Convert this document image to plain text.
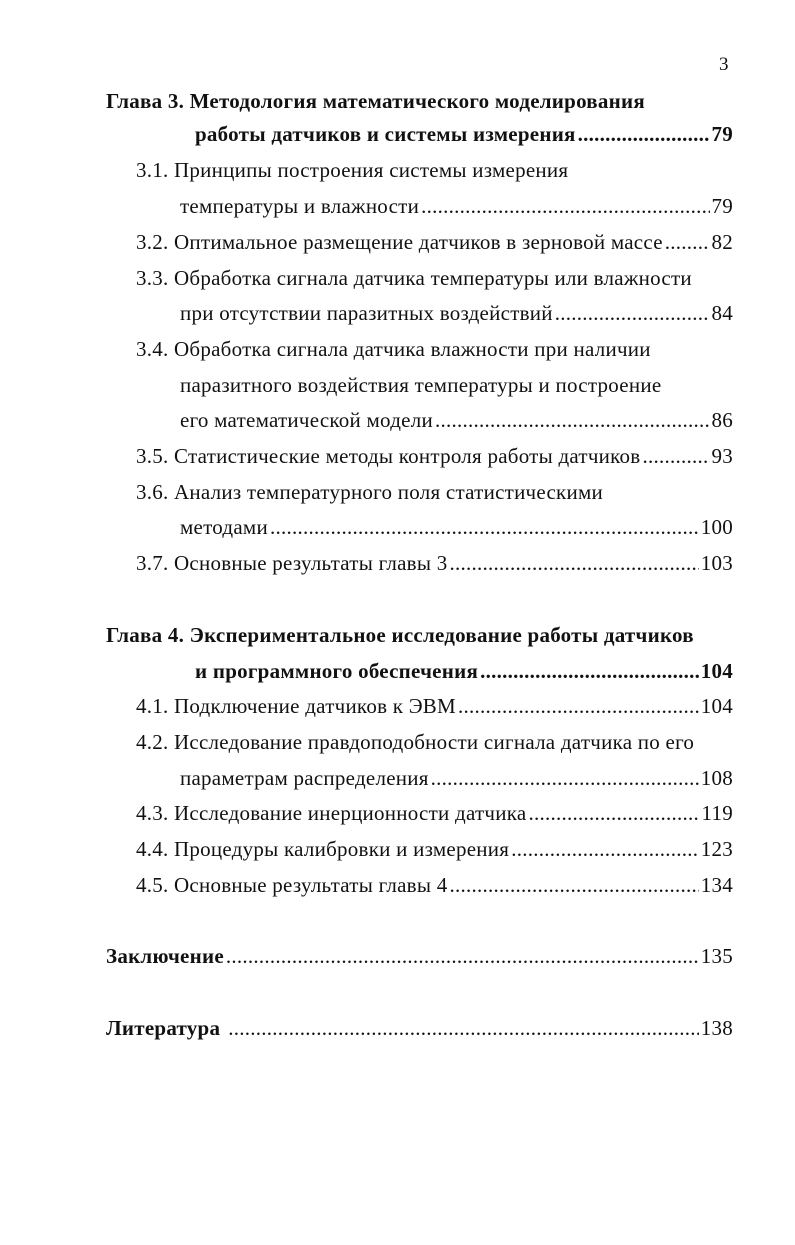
3
Глава 3. Методология математического моделирования
работы датчиков и системы измерения .....	79
3.1. Принципы построения системы измерения
температуры и влажности .....	79
3.2. Оптимальное размещение датчиков в зерновой массе ..... 82
3.3. Обработка сигнала датчика температуры или влажности
при отсутствии паразитных воздействий .....	84
3.4. Обработка сигнала датчика влажности при наличии
паразитного воздействия температуры и построение
его математической модели .....	86
3.5. Статистические методы контроля работы датчиков .....	93
3.6. Анализ температурного поля статистическими
методами .....	100
3.7. Основные результаты главы 3 .....	103
Глава 4. Экспериментальное исследование работы датчиков
и программного обеспечения .....	104
4.1. Подключение датчиков к ЭВМ .....	104
4.2. Исследование правдоподобности сигнала датчика по его
параметрам распределения .....	108
4.3. Исследование инерционности датчика .....	119
4.4. Процедуры калибровки и измерения .....	123
4.5. Основные результаты главы 4 .....	134
Заключение .....	135
Литература .....	138
